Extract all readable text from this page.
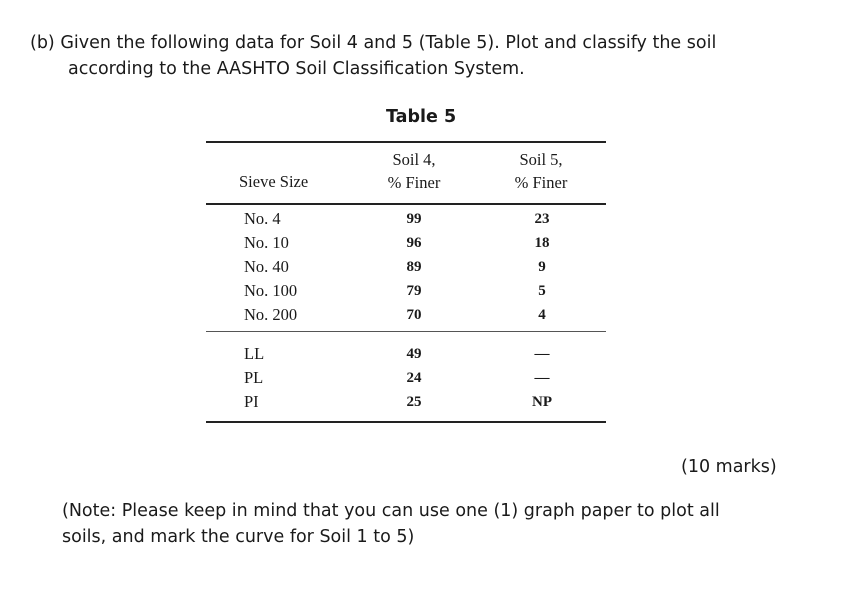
(b) Given the following data for Soil 4 and 5 (Table 5). Plot and classify the soil
according to the AASHTO Soil Classification System.
Table 5
Sieve Size
Soil 4,
% Finer
Soil 5,
% Finer
No. 4
No. 10
No. 40
No. 100
No. 200
99
96
89
79
70
23
18
9
5
4
LL
PL
PI
49
24
25
—
—
NP
(10 marks)
(Note: Please keep in mind that you can use one (1) graph paper to plot all
soils, and mark the curve for Soil 1 to 5)
